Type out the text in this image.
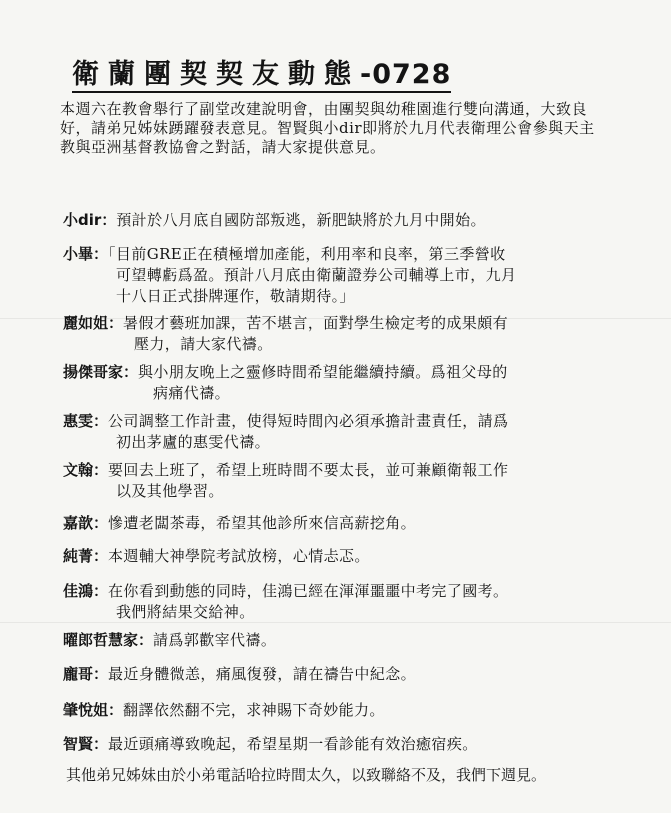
衛蘭團契契友動態-0728
本週六在教會舉行了副堂改建說明會，由團契與幼稚園進行雙向溝通，大致良好，請弟兄姊妹踴躍發表意見。智賢與小dir即將於九月代表衛理公會參與天主教與亞洲基督教協會之對話，請大家提供意見。
小dir：預計於八月底自國防部叛逃，新肥缺將於九月中開始。
小畢：「目前GRE正在積極增加產能，利用率和良率，第三季營收
可望轉虧爲盈。預計八月底由衛蘭證券公司輔導上市，九月
十八日正式掛牌運作，敬請期待。」
麗如姐：暑假才藝班加課，苦不堪言，面對學生檢定考的成果頗有
壓力，請大家代禱。
揚傑哥家：與小朋友晚上之靈修時間希望能繼續持續。爲祖父母的
病痛代禱。
惠雯：公司調整工作計畫，使得短時間內必須承擔計畫責任，請爲
初出茅廬的惠雯代禱。
文翰：要回去上班了，希望上班時間不要太長，並可兼顧衛報工作
以及其他學習。
嘉歆：慘遭老闆茶毒，希望其他診所來信高薪挖角。
純菁：本週輔大神學院考試放榜，心情忐忑。
佳鴻：在你看到動態的同時，佳鴻已經在渾渾噩噩中考完了國考。
我們將結果交給神。
曜郎哲慧家：請爲郭歡宰代禱。
龐哥：最近身體微恙，痛風復發，請在禱告中紀念。
肇悅姐：翻譯依然翻不完，求神賜下奇妙能力。
智賢：最近頭痛導致晚起，希望星期一看診能有效治癒宿疾。
其他弟兄姊妹由於小弟電話哈拉時間太久，以致聯絡不及，我們下週見。
